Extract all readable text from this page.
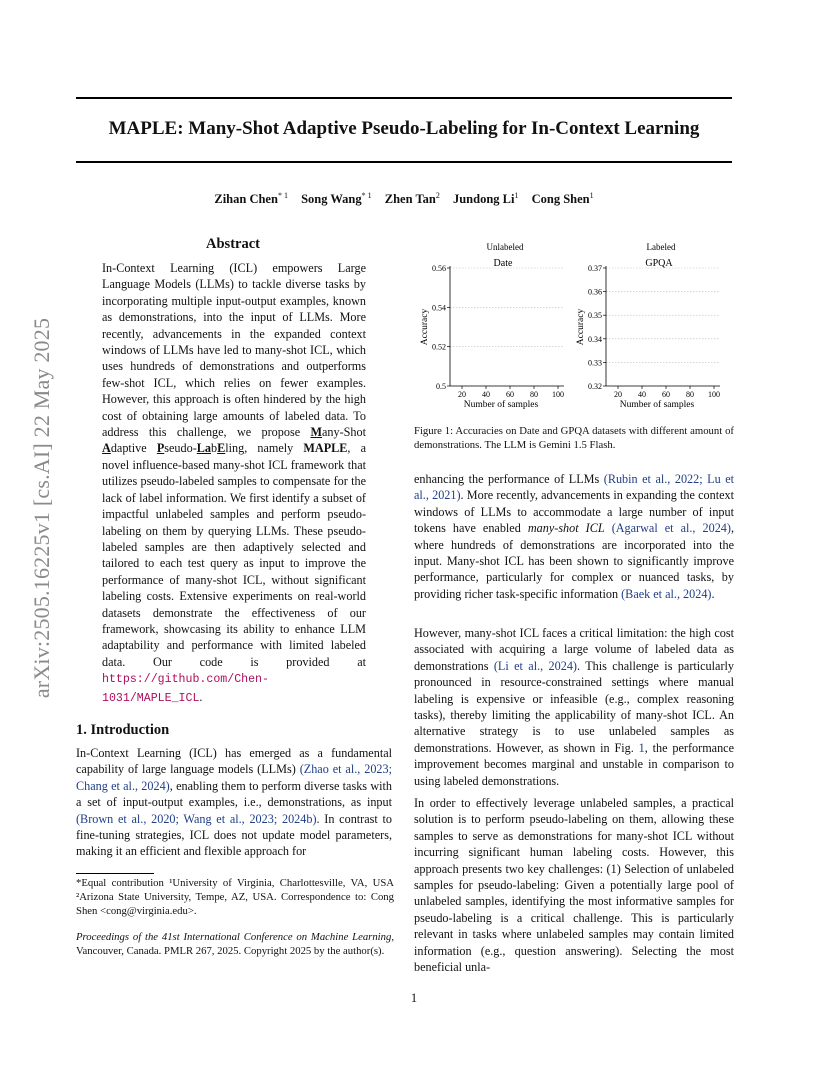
arXiv:2505.16225v1 [cs.AI] 22 May 2025
MAPLE: Many-Shot Adaptive Pseudo-Labeling for In-Context Learning
Zihan Chen$^{* 1}$ Song Wang$^{* 1}$ Zhen Tan$^2$ Jundong Li$^1$ Cong Shen$^1$
Abstract
In-Context Learning (ICL) empowers Large Language Models (LLMs) to tackle diverse tasks by incorporating multiple input-output examples, known as demonstrations, into the input of LLMs. More recently, advancements in the expanded context windows of LLMs have led to many-shot ICL, which uses hundreds of demonstrations and outperforms few-shot ICL, which relies on fewer examples. However, this approach is often hindered by the high cost of obtaining large amounts of labeled data. To address this challenge, we propose Many-Shot Adaptive Pseudo-LabEling, namely MAPLE, a novel influence-based many-shot ICL framework that utilizes pseudo-labeled samples to compensate for the lack of label information. We first identify a subset of impactful unlabeled samples and perform pseudo-labeling on them by querying LLMs. These pseudo-labeled samples are then adaptively selected and tailored to each test query as input to improve the performance of many-shot ICL, without significant labeling costs. Extensive experiments on real-world datasets demonstrate the effectiveness of our framework, showcasing its ability to enhance LLM adaptability and performance with limited labeled data. Our code is provided at https://github.com/Chen-1031/MAPLE_ICL.
1. Introduction
In-Context Learning (ICL) has emerged as a fundamental capability of large language models (LLMs) (Zhao et al., 2023; Chang et al., 2024), enabling them to perform diverse tasks with a set of input-output examples, i.e., demonstrations, as input (Brown et al., 2020; Wang et al., 2023; 2024b). In contrast to fine-tuning strategies, ICL does not update model parameters, making it an efficient and flexible approach for
*Equal contribution ¹University of Virginia, Charlottesville, VA, USA ²Arizona State University, Tempe, AZ, USA. Correspondence to: Cong Shen <cong@virginia.edu>.
Proceedings of the 41st International Conference on Machine Learning, Vancouver, Canada. PMLR 267, 2025. Copyright 2025 by the author(s).
Unlabeled
Date
0.5
0.52
0.54
0.56
20 40 60 80 100
Number of samples
Accuracy
Labeled
GPQA
0.32
0.33
0.34
0.35
0.36
0.37
20 40 60 80 100
Number of samples
Accuracy
Figure 1: Accuracies on Date and GPQA datasets with different amount of demonstrations. The LLM is Gemini 1.5 Flash.
enhancing the performance of LLMs (Rubin et al., 2022; Lu et al., 2021). More recently, advancements in expanding the context windows of LLMs to accommodate a large number of input tokens have enabled many-shot ICL (Agarwal et al., 2024), where hundreds of demonstrations are incorporated into the input. Many-shot ICL has been shown to significantly improve performance, particularly for complex or nuanced tasks, by providing richer task-specific information (Baek et al., 2024).
However, many-shot ICL faces a critical limitation: the high cost associated with acquiring a large volume of labeled data as demonstrations (Li et al., 2024). This challenge is particularly pronounced in resource-constrained settings where manual labeling is expensive or infeasible (e.g., complex reasoning tasks), thereby limiting the applicability of many-shot ICL. An alternative strategy is to use unlabeled samples as demonstrations. However, as shown in Fig. 1, the performance improvement becomes marginal and unstable in comparison to using labeled demonstrations.
In order to effectively leverage unlabeled samples, a practical solution is to perform pseudo-labeling on them, allowing these samples to serve as demonstrations for many-shot ICL without incurring significant human labeling costs. However, this approach presents two key challenges: (1) Selection of unlabeled samples for pseudo-labeling: Given a potentially large pool of unlabeled samples, identifying the most informative samples for pseudo-labeling is a critical challenge. This is particularly relevant in tasks where unlabeled samples may contain limited information (e.g., question answering). Selecting the most beneficial unla-
1
